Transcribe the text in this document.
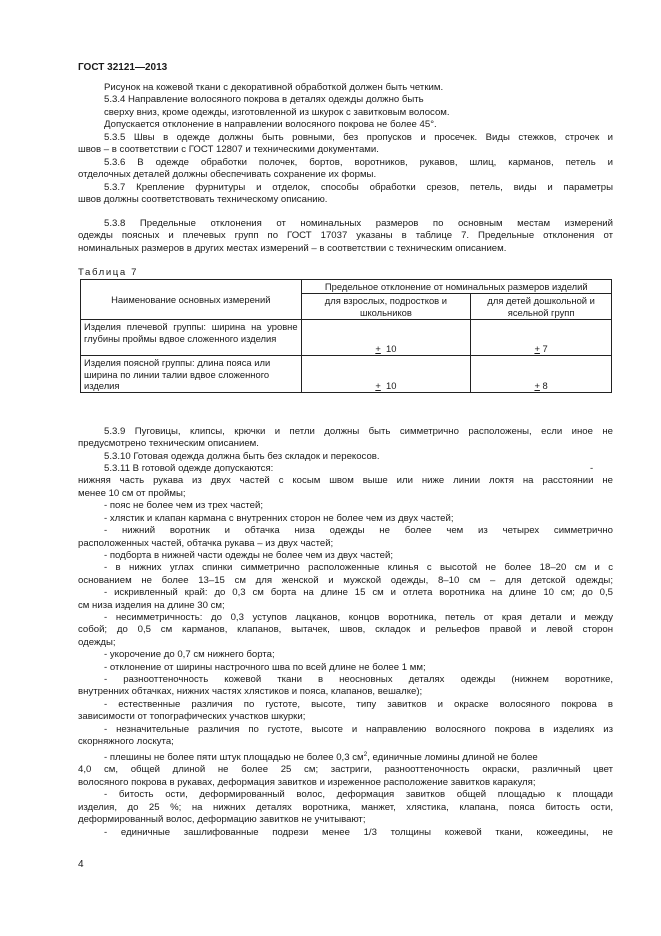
ГОСТ 32121—2013
Рисунок на кожевой ткани с декоративной обработкой должен быть четким.
5.3.4 Направление волосяного покрова в деталях одежды должно быть
сверху вниз, кроме одежды, изготовленной из шкурок с завитковым волосом.
Допускается отклонение в направлении волосяного покрова не более 45°.
5.3.5 Швы в одежде должны быть ровными, без пропусков и просечек. Виды стежков, строчек и
швов – в соответствии с ГОСТ 12807 и техническими документами.
5.3.6 В одежде обработки полочек, бортов, воротников, рукавов, шлиц, карманов, петель и
отделочных деталей должны обеспечивать сохранение их формы.
5.3.7 Крепление фурнитуры и отделок, способы обработки срезов, петель, виды и параметры
швов должны соответствовать техническому описанию.
5.3.8 Предельные отклонения от номинальных размеров по основным местам измерений
одежды поясных и плечевых групп по ГОСТ 17037 указаны в таблице 7. Предельные отклонения от
номинальных размеров в других местах измерений – в соответствии с техническим описанием.
Таблица 7
Наименование основных измерений	Предельное отклонение от номинальных размеров изделий	
	для взрослых, подростков и школьников	для детей дошкольной и ясельной групп
Изделия плечевой группы: ширина на уровне глубины проймы вдвое сложенного изделия	+ 10	+ 7
Изделия поясной группы: длина пояса или ширина по линии талии вдвое сложенного изделия	+ 10	+ 8
5.3.9 Пуговицы, клипсы, крючки и петли должны быть симметрично расположены, если иное не
предусмотрено техническим описанием.
5.3.10 Готовая одежда должна быть без складок и перекосов.
5.3.11 В готовой одежде допускаются:	-
нижняя часть рукава из двух частей с косым швом выше или ниже линии локтя на расстоянии не
менее 10 см от проймы;
- пояс не более чем из трех частей;
- хлястик и клапан кармана с внутренних сторон не более чем из двух частей;
- нижний воротник и обтачка низа одежды не более чем из четырех симметрично
расположенных частей, обтачка рукава – из двух частей;
- подборта в нижней части одежды не более чем из двух частей;
- в нижних углах спинки симметрично расположенные клинья с высотой не более 18–20 см и с
основанием не более 13–15 см для женской и мужской одежды, 8–10 см – для детской одежды;
- искривленный край: до 0,3 см борта на длине 15 см и отлета воротника на длине 10 см; до 0,5
см низа изделия на длине 30 см;
- несимметричность: до 0,3 уступов лацканов, концов воротника, петель от края детали и между
собой; до 0,5 см карманов, клапанов, вытачек, швов, складок и рельефов правой и левой сторон
одежды;
- укорочение до 0,7 см нижнего борта;
- отклонение от ширины настрочного шва по всей длине не более 1 мм;
- разнооттеночность кожевой ткани в неосновных деталях одежды (нижнем воротнике,
внутренних обтачках, нижних частях хлястиков и пояса, клапанов, вешалке);
- естественные различия по густоте, высоте, типу завитков и окраске волосяного покрова в
зависимости от топографических участков шкурки;
- незначительные различия по густоте, высоте и направлению волосяного покрова в изделиях из
скорняжного лоскута;
- плешины не более пяти штук площадью не более 0,3 $см^2$, единичные ломины длиной не более
4,0 см, общей длиной не более 25 см; застриги, разнооттеночность окраски, различный цвет
волосяного покрова в рукавах, деформация завитков и изреженное расположение завитков каракуля;
- битость ости, деформированный волос, деформация завитков общей площадью к площади
изделия, до 25 %; на нижних деталях воротника, манжет, хлястика, клапана, пояса битость ости,
деформированный волос, деформацию завитков не учитывают;
- единичные зашлифованные подрези менее 1/3 толщины кожевой ткани, кожеедины, не
4
